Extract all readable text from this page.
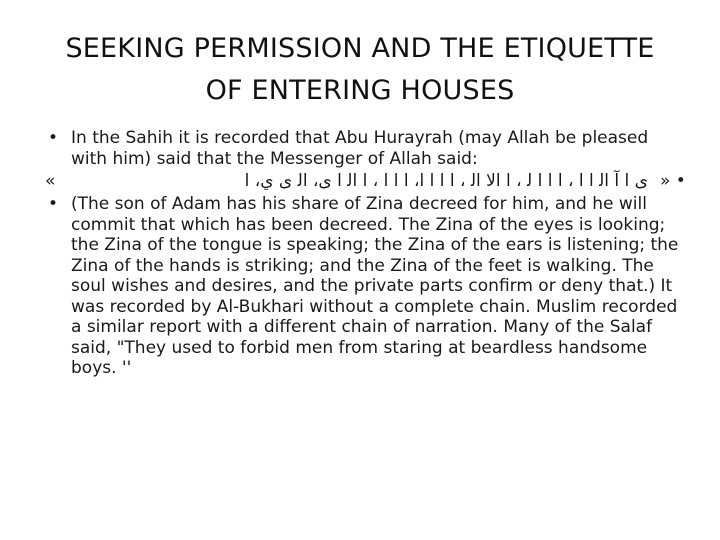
SEEKING PERMISSION AND THE ETIQUETTE
OF ENTERING HOUSES
• In the Sahih it is recorded that Abu Hurayrah (may Allah be pleased with him) said that the Messenger of Allah said:
«	ى ا آ ﺍﻟ ﺍ ﺍ ، ﺍ ﺍ ﺍ ﻟ ، ﺍ ﺍﻻ ﺍﻟ ، ﺍ ﺍ ﺍ ﺍ، ﺍ ﺍ ﺍ ، ﺍ ﺍﻟ ﺍ ى، ﺍﻟ ى ي، ﺍ » •
• (The son of Adam has his share of Zina decreed for him, and he will commit that which has been decreed. The Zina of the eyes is looking; the Zina of the tongue is speaking; the Zina of the ears is listening; the Zina of the hands is striking; and the Zina of the feet is walking. The soul wishes and desires, and the private parts confirm or deny that.) It was recorded by Al-Bukhari without a complete chain. Muslim recorded a similar report with a different chain of narration. Many of the Salaf said, "They used to forbid men from staring at beardless handsome boys. ''
